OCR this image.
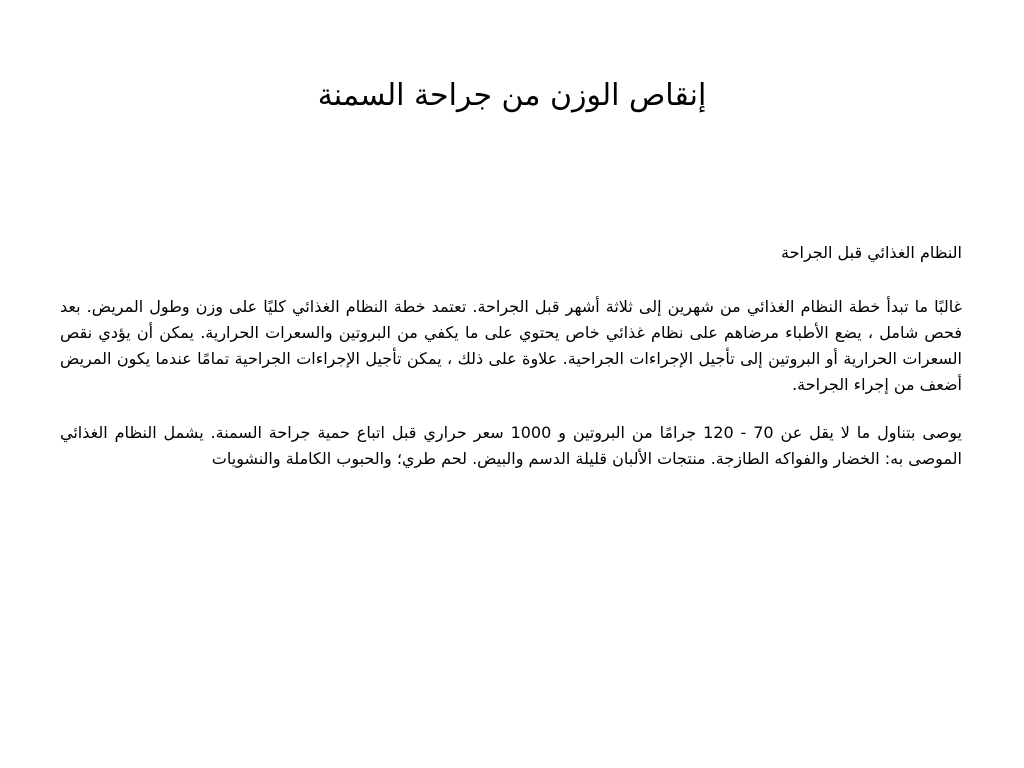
إنقاص الوزن من جراحة السمنة

النظام الغذائي قبل الجراحة

غالبًا ما تبدأ خطة النظام الغذائي من شهرين إلى ثلاثة أشهر قبل الجراحة. تعتمد خطة النظام الغذائي كليًا على وزن وطول المريض. بعد فحص شامل ، يضع الأطباء مرضاهم على نظام غذائي خاص يحتوي على ما يكفي من البروتين والسعرات الحرارية. يمكن أن يؤدي نقص السعرات الحرارية أو البروتين إلى تأجيل الإجراءات الجراحية. علاوة على ذلك ، يمكن تأجيل الإجراءات الجراحية تمامًا عندما يكون المريض أضعف من إجراء الجراحة.

يوصى بتناول ما لا يقل عن 70 - 120 جرامًا من البروتين و 1000 سعر حراري قبل اتباع حمية جراحة السمنة. يشمل النظام الغذائي الموصى به: الخضار والفواكه الطازجة. منتجات الألبان قليلة الدسم والبيض. لحم طري؛ والحبوب الكاملة والنشويات
